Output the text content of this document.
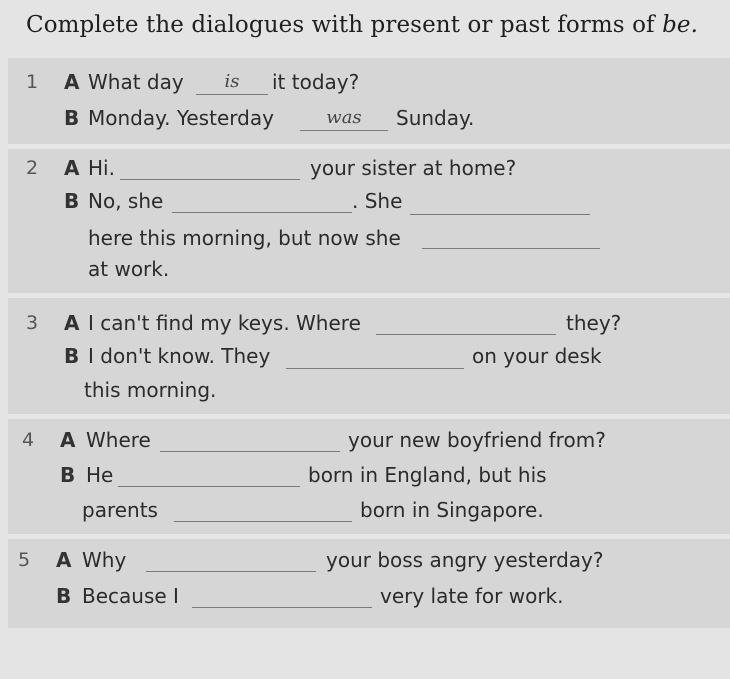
Complete the dialogues with present or past forms of be.
1 A What day	is	it today?
B Monday. Yesterday	was	Sunday.
2 A Hi.	your sister at home?
B No, she	. She
here this morning, but now she
at work.
3 A I can't find my keys. Where	they?
B I don't know. They	on your desk
this morning.
4 A Where	your new boyfriend from?
B He	born in England, but his
parents	born in Singapore.
5 A Why	your boss angry yesterday?
B Because I	very late for work.
